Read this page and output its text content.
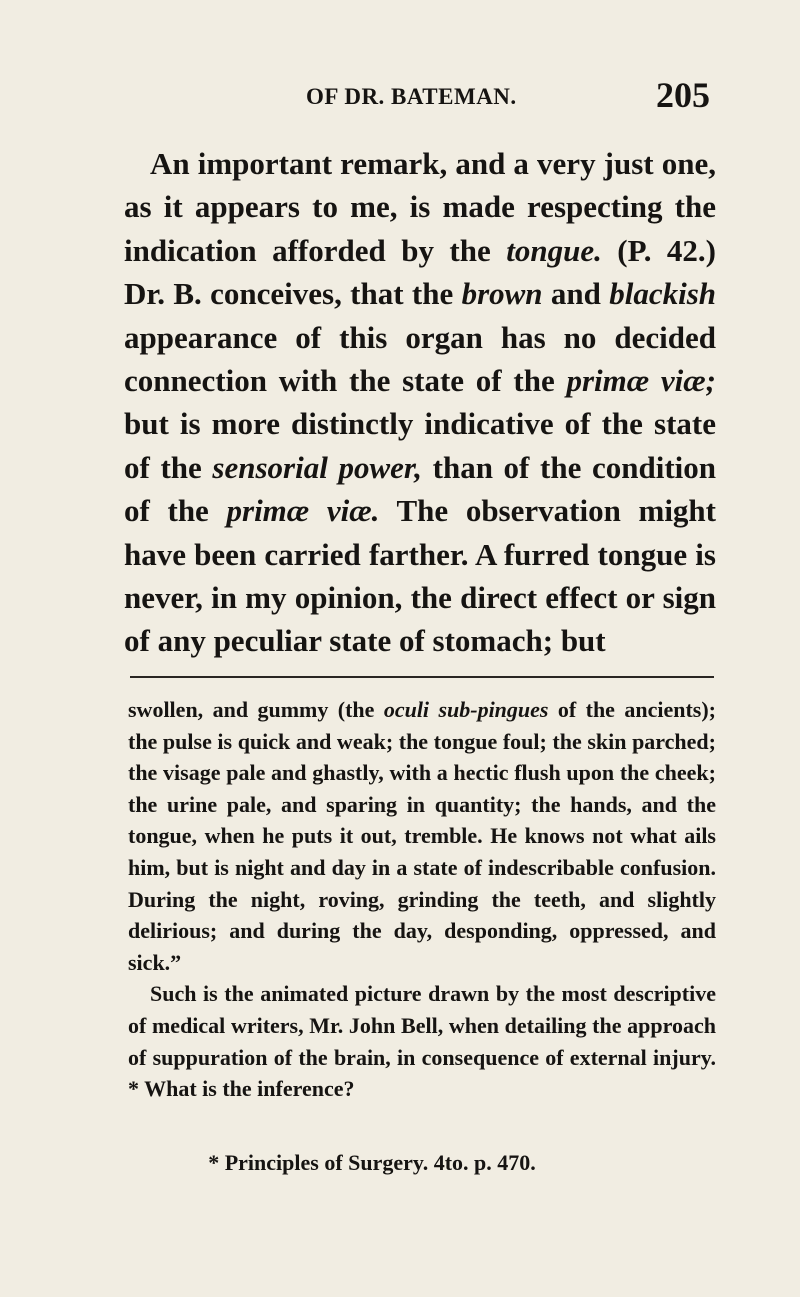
OF DR. BATEMAN.	205

An important remark, and a very just one, as it appears to me, is made respecting the indication afforded by the tongue. (P. 42.) Dr. B. conceives, that the brown and blackish appearance of this organ has no decided connection with the state of the primæ viæ; but is more distinctly indicative of the state of the sensorial power, than of the condition of the primæ viæ. The observation might have been carried farther. A furred tongue is never, in my opinion, the direct effect or sign of any peculiar state of stomach; but

swollen, and gummy (the oculi sub-pingues of the ancients); the pulse is quick and weak; the tongue foul; the skin parched; the visage pale and ghastly, with a hectic flush upon the cheek; the urine pale, and sparing in quantity; the hands, and the tongue, when he puts it out, tremble. He knows not what ails him, but is night and day in a state of indescribable confusion. During the night, roving, grinding the teeth, and slightly delirious; and during the day, desponding, oppressed, and sick.”

Such is the animated picture drawn by the most descriptive of medical writers, Mr. John Bell, when detailing the approach of suppuration of the brain, in consequence of external injury. * What is the inference?

* Principles of Surgery. 4to. p. 470.
